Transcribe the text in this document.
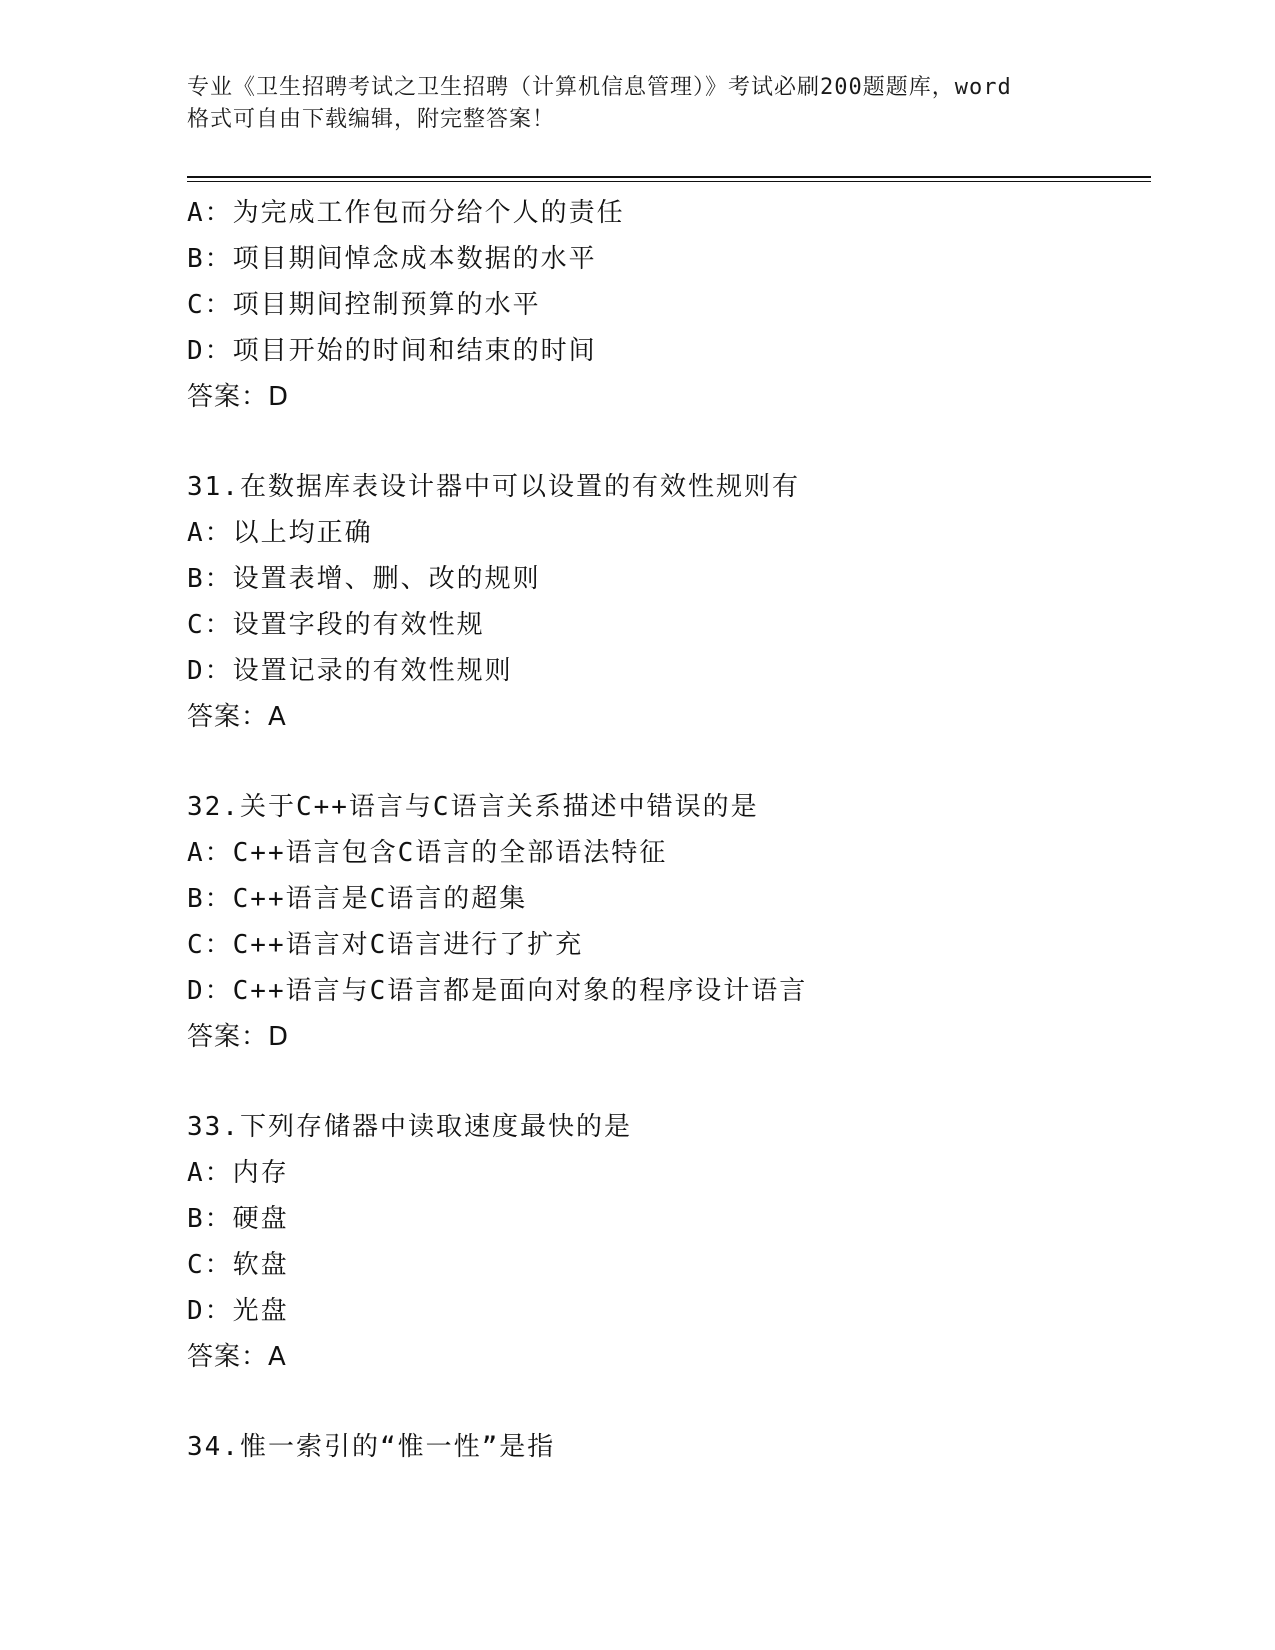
专业《卫生招聘考试之卫生招聘（计算机信息管理）》考试必刷200题题库，word
格式可自由下载编辑，附完整答案！
A：为完成工作包而分给个人的责任
B：项目期间悼念成本数据的水平
C：项目期间控制预算的水平
D：项目开始的时间和结束的时间
答案：D
31.在数据库表设计器中可以设置的有效性规则有
A：以上均正确
B：设置表增、删、改的规则
C：设置字段的有效性规
D：设置记录的有效性规则
答案：A
32.关于C++语言与C语言关系描述中错误的是
A：C++语言包含C语言的全部语法特征
B：C++语言是C语言的超集
C：C++语言对C语言进行了扩充
D：C++语言与C语言都是面向对象的程序设计语言
答案：D
33.下列存储器中读取速度最快的是
A：内存
B：硬盘
C：软盘
D：光盘
答案：A
34.惟一索引的“惟一性”是指
